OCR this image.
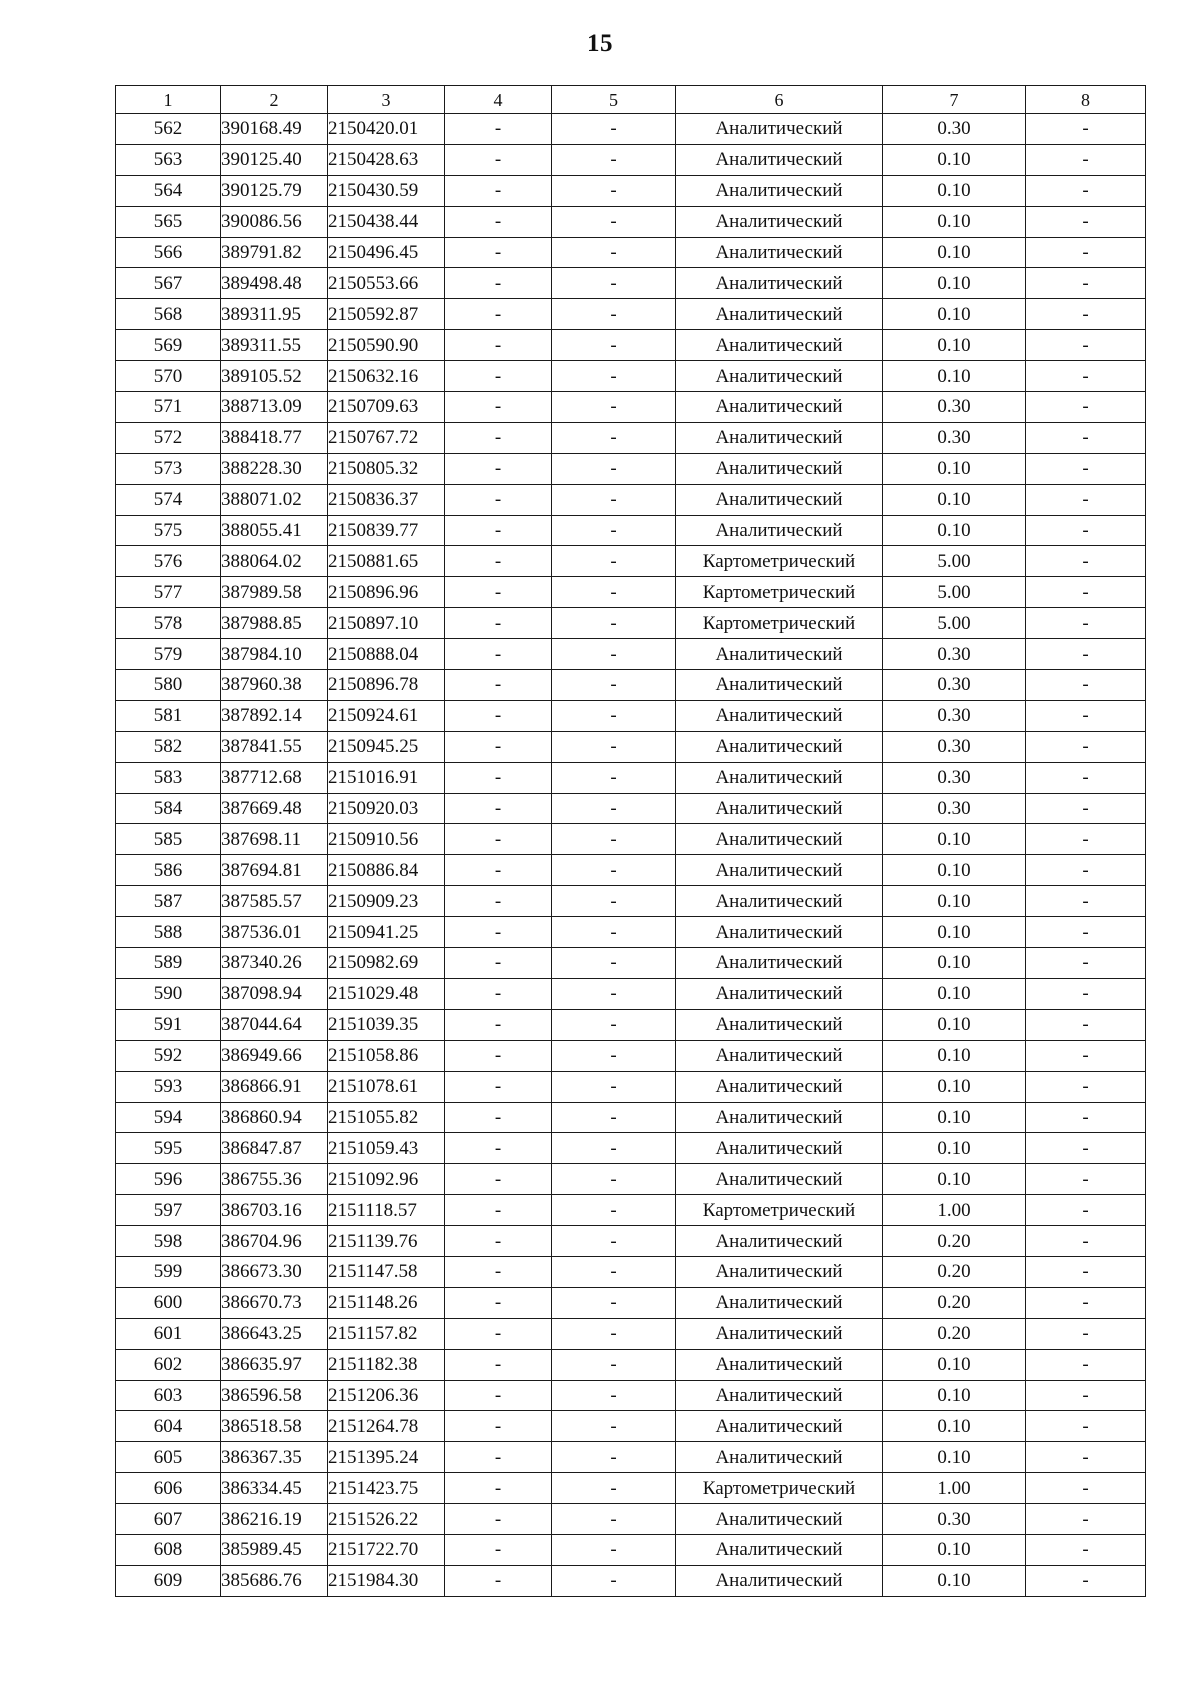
15
1	2	3	4	5	6	7	8
562	390168.49	2150420.01	-	-	Аналитический	0.30	-
563	390125.40	2150428.63	-	-	Аналитический	0.10	-
564	390125.79	2150430.59	-	-	Аналитический	0.10	-
565	390086.56	2150438.44	-	-	Аналитический	0.10	-
566	389791.82	2150496.45	-	-	Аналитический	0.10	-
567	389498.48	2150553.66	-	-	Аналитический	0.10	-
568	389311.95	2150592.87	-	-	Аналитический	0.10	-
569	389311.55	2150590.90	-	-	Аналитический	0.10	-
570	389105.52	2150632.16	-	-	Аналитический	0.10	-
571	388713.09	2150709.63	-	-	Аналитический	0.30	-
572	388418.77	2150767.72	-	-	Аналитический	0.30	-
573	388228.30	2150805.32	-	-	Аналитический	0.10	-
574	388071.02	2150836.37	-	-	Аналитический	0.10	-
575	388055.41	2150839.77	-	-	Аналитический	0.10	-
576	388064.02	2150881.65	-	-	Картометрический	5.00	-
577	387989.58	2150896.96	-	-	Картометрический	5.00	-
578	387988.85	2150897.10	-	-	Картометрический	5.00	-
579	387984.10	2150888.04	-	-	Аналитический	0.30	-
580	387960.38	2150896.78	-	-	Аналитический	0.30	-
581	387892.14	2150924.61	-	-	Аналитический	0.30	-
582	387841.55	2150945.25	-	-	Аналитический	0.30	-
583	387712.68	2151016.91	-	-	Аналитический	0.30	-
584	387669.48	2150920.03	-	-	Аналитический	0.30	-
585	387698.11	2150910.56	-	-	Аналитический	0.10	-
586	387694.81	2150886.84	-	-	Аналитический	0.10	-
587	387585.57	2150909.23	-	-	Аналитический	0.10	-
588	387536.01	2150941.25	-	-	Аналитический	0.10	-
589	387340.26	2150982.69	-	-	Аналитический	0.10	-
590	387098.94	2151029.48	-	-	Аналитический	0.10	-
591	387044.64	2151039.35	-	-	Аналитический	0.10	-
592	386949.66	2151058.86	-	-	Аналитический	0.10	-
593	386866.91	2151078.61	-	-	Аналитический	0.10	-
594	386860.94	2151055.82	-	-	Аналитический	0.10	-
595	386847.87	2151059.43	-	-	Аналитический	0.10	-
596	386755.36	2151092.96	-	-	Аналитический	0.10	-
597	386703.16	2151118.57	-	-	Картометрический	1.00	-
598	386704.96	2151139.76	-	-	Аналитический	0.20	-
599	386673.30	2151147.58	-	-	Аналитический	0.20	-
600	386670.73	2151148.26	-	-	Аналитический	0.20	-
601	386643.25	2151157.82	-	-	Аналитический	0.20	-
602	386635.97	2151182.38	-	-	Аналитический	0.10	-
603	386596.58	2151206.36	-	-	Аналитический	0.10	-
604	386518.58	2151264.78	-	-	Аналитический	0.10	-
605	386367.35	2151395.24	-	-	Аналитический	0.10	-
606	386334.45	2151423.75	-	-	Картометрический	1.00	-
607	386216.19	2151526.22	-	-	Аналитический	0.30	-
608	385989.45	2151722.70	-	-	Аналитический	0.10	-
609	385686.76	2151984.30	-	-	Аналитический	0.10	-
